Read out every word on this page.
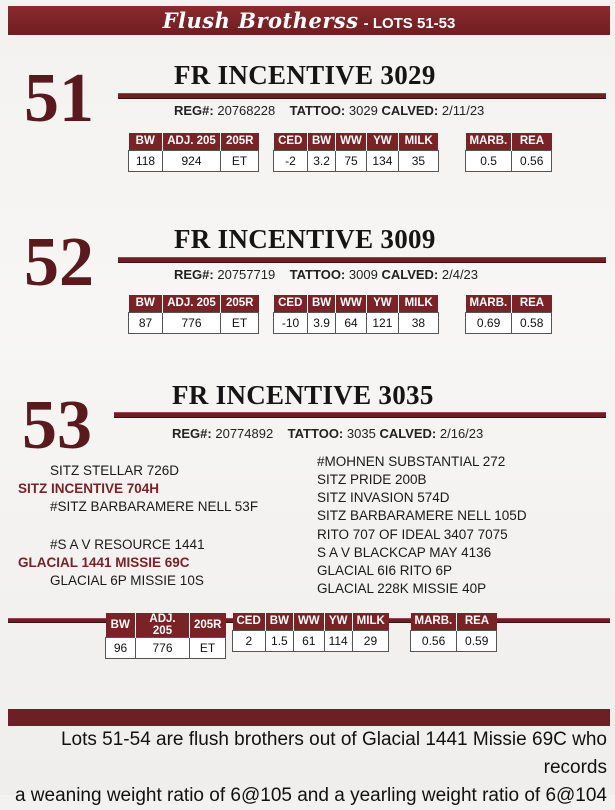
Flush Brotherss - LOTS 51-53
51	FR INCENTIVE 3029
REG#: 20768228 TATTOO: 3029 CALVED: 2/11/23
BW	ADJ. 205	205R
118	924	ET
CED	BW	WW	YW	MILK
-2	3.2	75	134	35
MARB.	REA
0.5	0.56
52	FR INCENTIVE 3009
REG#: 20757719 TATTOO: 3009 CALVED: 2/4/23
BW	ADJ. 205	205R
87	776	ET
CED	BW	WW	YW	MILK
-10	3.9	64	121	38
MARB.	REA
0.69	0.58
53	FR INCENTIVE 3035
REG#: 20774892 TATTOO: 3035 CALVED: 2/16/23
SITZ STELLAR 726D
SITZ INCENTIVE 704H
#SITZ BARBARAMERE NELL 53F
#S A V RESOURCE 1441
GLACIAL 1441 MISSIE 69C
GLACIAL 6P MISSIE 10S
#MOHNEN SUBSTANTIAL 272
SITZ PRIDE 200B
SITZ INVASION 574D
SITZ BARBARAMERE NELL 105D
RITO 707 OF IDEAL 3407 7075
S A V BLACKCAP MAY 4136
GLACIAL 6I6 RITO 6P
GLACIAL 228K MISSIE 40P
BW	ADJ. 205	205R
96	776	ET
CED	BW	WW	YW	MILK
2	1.5	61	114	29
MARB.	REA
0.56	0.59
Lots 51-54 are flush brothers out of Glacial 1441 Missie 69C who records
a weaning weight ratio of 6@105 and a yearling weight ratio of 6@104
